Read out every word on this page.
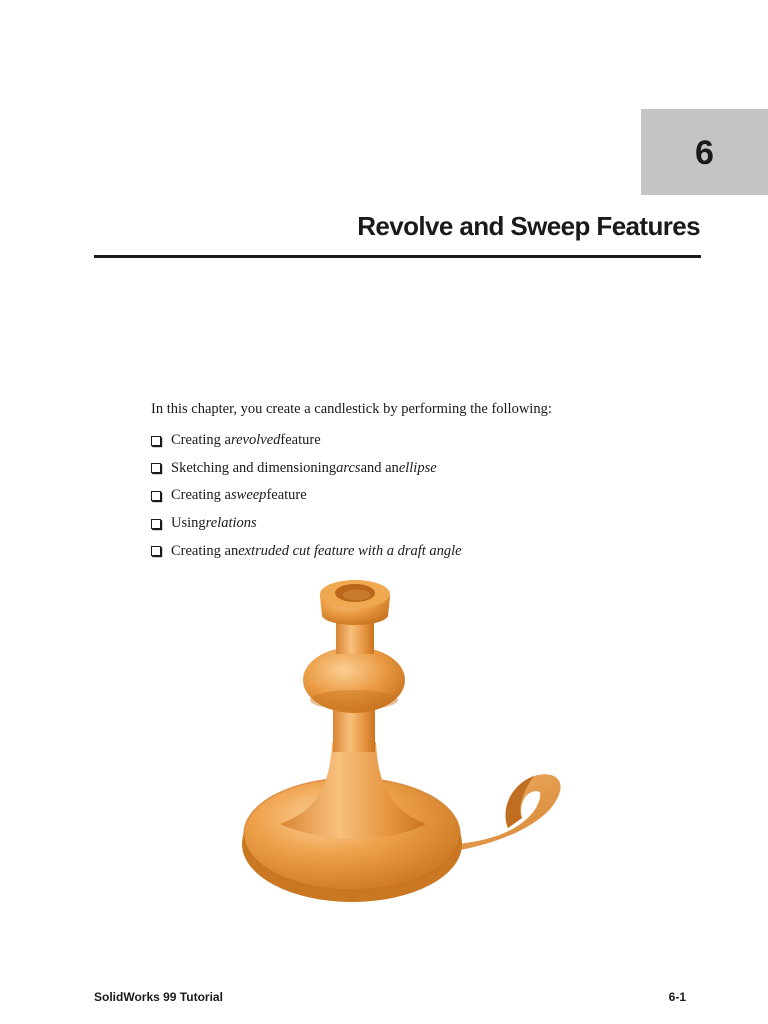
6
Revolve and Sweep Features
In this chapter, you create a candlestick by performing the following:
Creating a revolved feature
Sketching and dimensioning arcs and an ellipse
Creating a sweep feature
Using relations
Creating an extruded cut feature with a draft angle
SolidWorks 99 Tutorial	6-1
